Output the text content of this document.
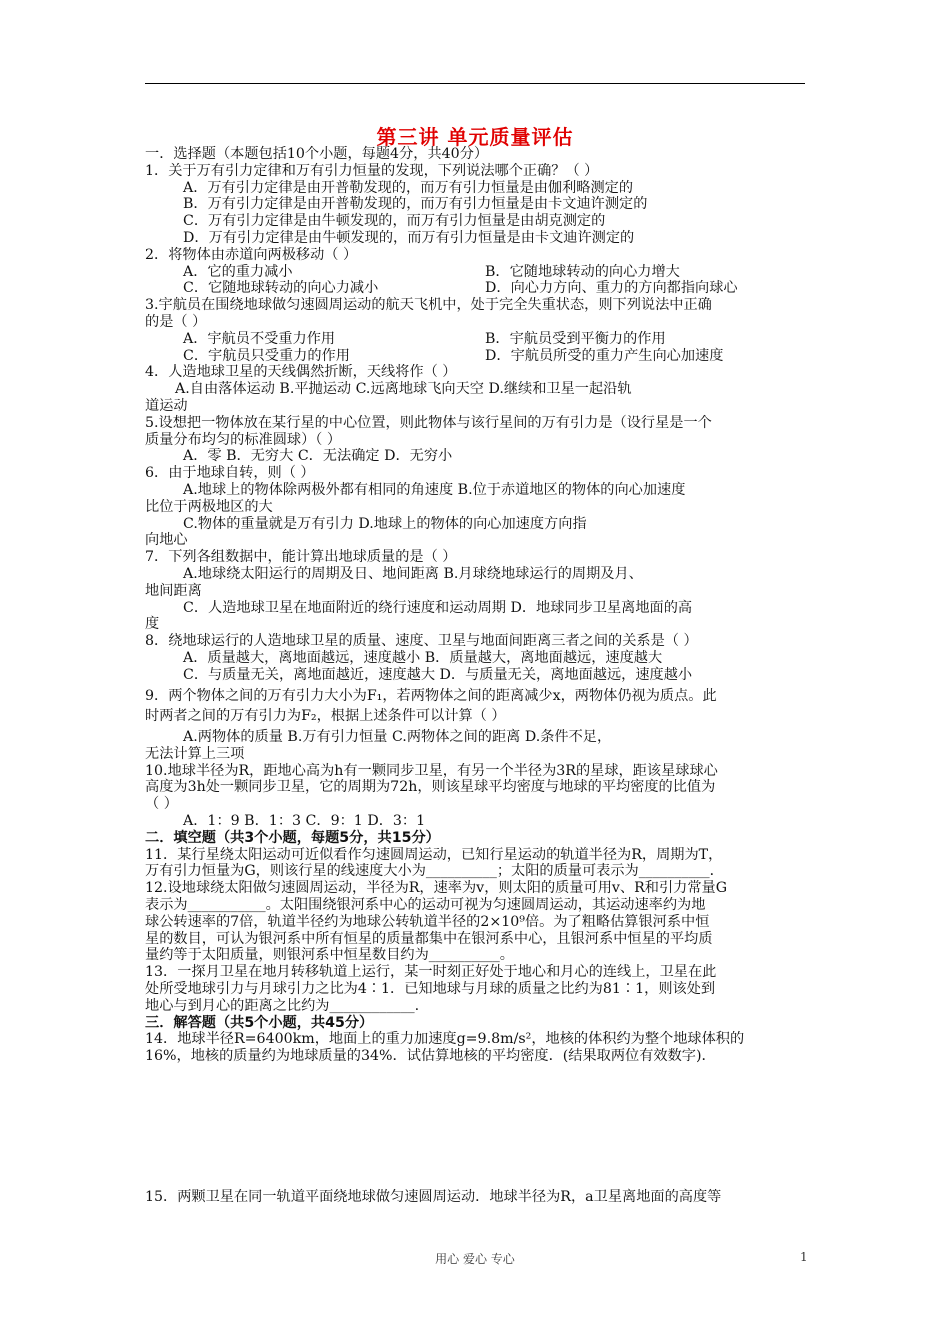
第三讲 单元质量评估
一．选择题（本题包括10个小题，每题4分，共40分）
1．关于万有引力定律和万有引力恒量的发现，下列说法哪个正确？（ ）
A．万有引力定律是由开普勒发现的，而万有引力恒量是由伽利略测定的
B．万有引力定律是由开普勒发现的，而万有引力恒量是由卡文迪许测定的
C．万有引力定律是由牛顿发现的，而万有引力恒量是由胡克测定的
D．万有引力定律是由牛顿发现的，而万有引力恒量是由卡文迪许测定的
2．将物体由赤道向两极移动（ ）
A．它的重力减小	B．它随地球转动的向心力增大
C．它随地球转动的向心力减小	D．向心力方向、重力的方向都指向球心
3.宇航员在围绕地球做匀速圆周运动的航天飞机中，处于完全失重状态，则下列说法中正确
的是（ ）
A．宇航员不受重力作用	B．宇航员受到平衡力的作用
C．宇航员只受重力的作用	D．宇航员所受的重力产生向心加速度
4．人造地球卫星的天线偶然折断，天线将作（ ）
A.自由落体运动 B.平抛运动 C.远离地球飞向天空 D.继续和卫星一起沿轨
道运动
5.设想把一物体放在某行星的中心位置，则此物体与该行星间的万有引力是（设行星是一个
质量分布均匀的标准圆球）（ ）
A．零 B．无穷大 C．无法确定 D．无穷小
6．由于地球自转，则（ ）
A.地球上的物体除两极外都有相同的角速度 B.位于赤道地区的物体的向心加速度
比位于两极地区的大
C.物体的重量就是万有引力 D.地球上的物体的向心加速度方向指
向地心
7．下列各组数据中，能计算出地球质量的是（ ）
A.地球绕太阳运行的周期及日、地间距离 B.月球绕地球运行的周期及月、
地间距离
C．人造地球卫星在地面附近的绕行速度和运动周期 D．地球同步卫星离地面的高
度
8．绕地球运行的人造地球卫星的质量、速度、卫星与地面间距离三者之间的关系是（ ）
A．质量越大，离地面越远，速度越小 B．质量越大，离地面越远，速度越大
C．与质量无关，离地面越近，速度越大 D．与质量无关，离地面越远，速度越小
9．两个物体之间的万有引力大小为F₁，若两物体之间的距离减少x，两物体仍视为质点。此
时两者之间的万有引力为F₂，根据上述条件可以计算（ ）
A.两物体的质量 B.万有引力恒量 C.两物体之间的距离 D.条件不足，
无法计算上三项
10.地球半径为R，距地心高为h有一颗同步卫星，有另一个半径为3R的星球，距该星球球心
高度为3h处一颗同步卫星，它的周期为72h，则该星球平均密度与地球的平均密度的比值为
（ ）
A．1：9 B．1：3 C．9：1 D．3：1
二．填空题（共3个小题，每题5分，共15分）
11．某行星绕太阳运动可近似看作匀速圆周运动，已知行星运动的轨道半径为R，周期为T，
万有引力恒量为G，则该行星的线速度大小为__________；太阳的质量可表示为__________．
12.设地球绕太阳做匀速圆周运动，半径为R，速率为v，则太阳的质量可用v、R和引力常量G
表示为___________。太阳围绕银河系中心的运动可视为匀速圆周运动，其运动速率约为地
球公转速率的7倍，轨道半径约为地球公转轨道半径的2×10⁹倍。为了粗略估算银河系中恒
星的数目，可认为银河系中所有恒星的质量都集中在银河系中心，且银河系中恒星的平均质
量约等于太阳质量，则银河系中恒星数目约为__________。
13．一探月卫星在地月转移轨道上运行，某一时刻正好处于地心和月心的连线上，卫星在此
处所受地球引力与月球引力之比为4∶1．已知地球与月球的质量之比约为81∶1，则该处到
地心与到月心的距离之比约为____________.
三．解答题（共5个小题，共45分）
14．地球半径R=6400km，地面上的重力加速度g=9.8m/s²，地核的体积约为整个地球体积的
16%，地核的质量约为地球质量的34%．试估算地核的平均密度．(结果取两位有效数字)．
15．两颗卫星在同一轨道平面绕地球做匀速圆周运动．地球半径为R，a卫星离地面的高度等
用心 爱心 专心	1
